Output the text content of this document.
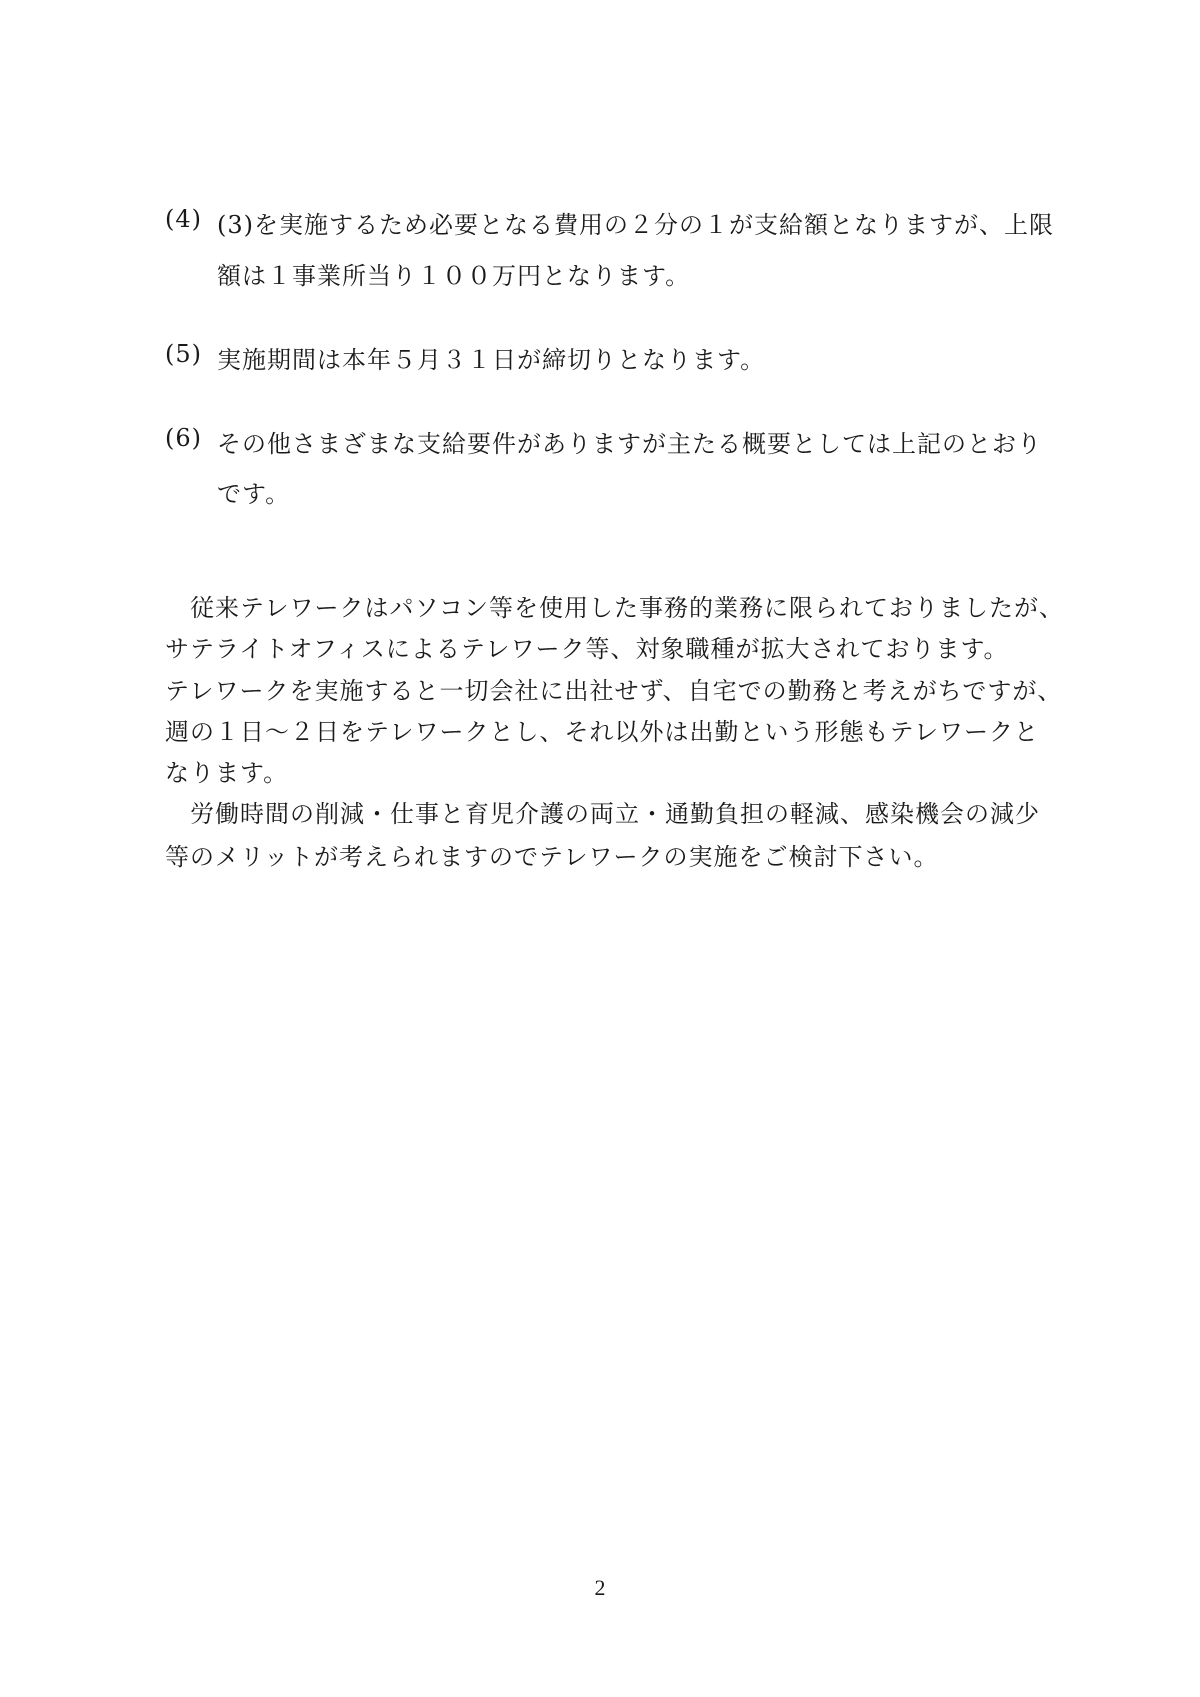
(4) (3)を実施するため必要となる費用の２分の１が支給額となりますが、上限
額は１事業所当り１００万円となります。
(5) 実施期間は本年５月３１日が締切りとなります。
(6) その他さまざまな支給要件がありますが主たる概要としては上記のとおり
です。
　従来テレワークはパソコン等を使用した事務的業務に限られておりましたが、
サテライトオフィスによるテレワーク等、対象職種が拡大されております。
テレワークを実施すると一切会社に出社せず、自宅での勤務と考えがちですが、
週の１日～２日をテレワークとし、それ以外は出勤という形態もテレワークと
なります。
　労働時間の削減・仕事と育児介護の両立・通勤負担の軽減、感染機会の減少
等のメリットが考えられますのでテレワークの実施をご検討下さい。
2
